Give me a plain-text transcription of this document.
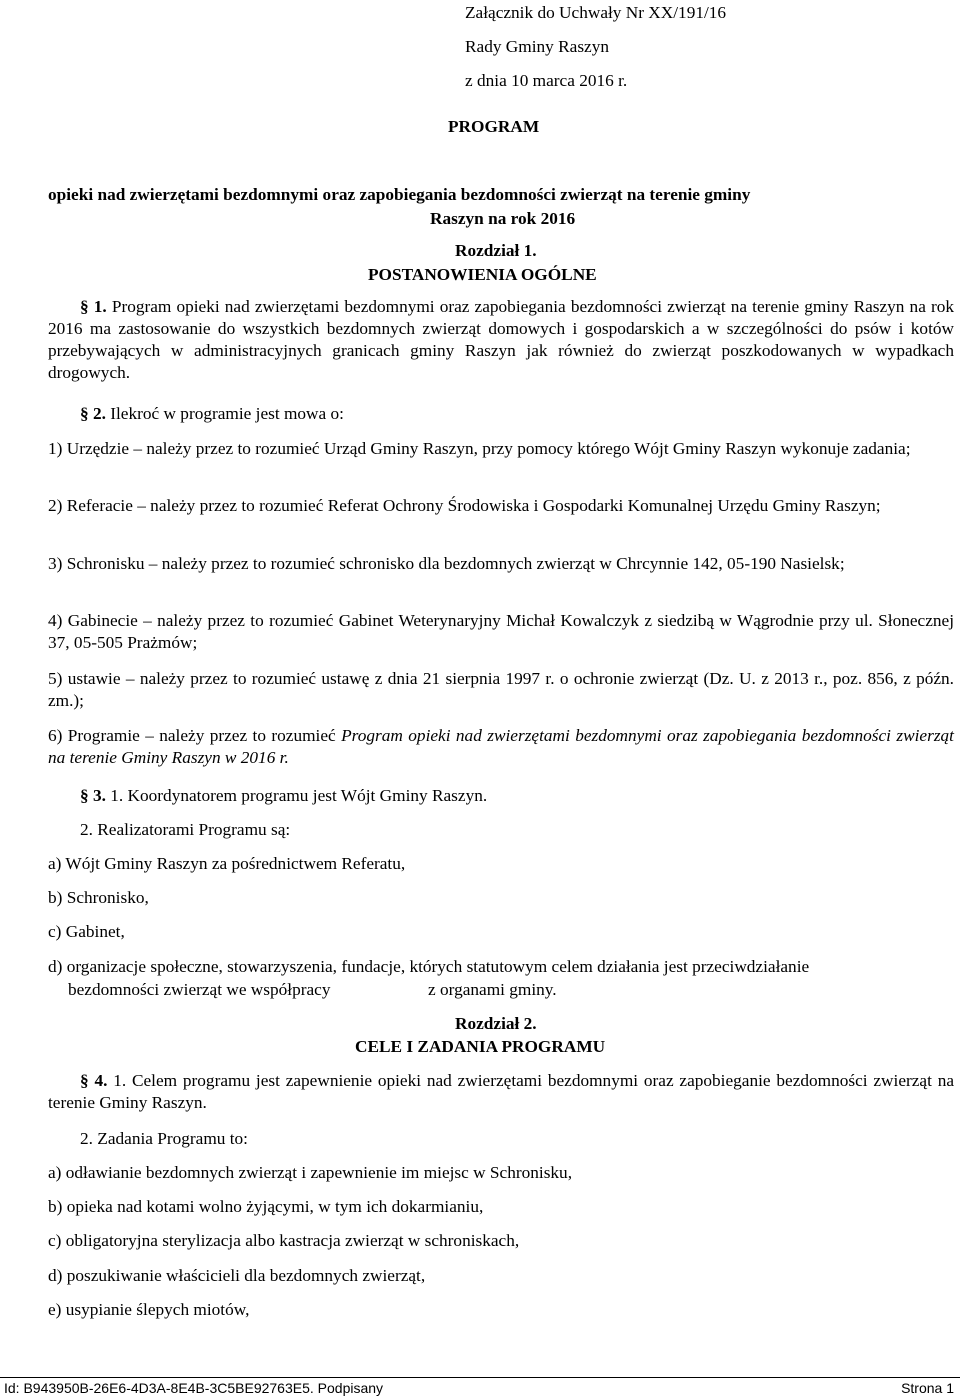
Załącznik do Uchwały Nr XX/191/16
Rady Gminy Raszyn
z dnia 10 marca 2016 r.
PROGRAM
opieki nad zwierzętami bezdomnymi oraz zapobiegania bezdomności zwierząt na terenie gminy
Raszyn na rok 2016
Rozdział 1.
POSTANOWIENIA OGÓLNE
§ 1. Program opieki nad zwierzętami bezdomnymi oraz zapobiegania bezdomności zwierząt na terenie gminy Raszyn na rok 2016 ma zastosowanie do wszystkich bezdomnych zwierząt domowych i gospodarskich a w szczególności do psów i kotów przebywających w administracyjnych granicach gminy Raszyn jak również do zwierząt poszkodowanych w wypadkach drogowych.
§ 2. Ilekroć w programie jest mowa o:
1) Urzędzie – należy przez to rozumieć Urząd Gminy Raszyn, przy pomocy którego Wójt Gminy Raszyn wykonuje zadania;
2) Referacie – należy przez to rozumieć Referat Ochrony Środowiska i Gospodarki Komunalnej Urzędu Gminy Raszyn;
3) Schronisku – należy przez to rozumieć schronisko dla bezdomnych zwierząt w Chrcynnie 142, 05-190 Nasielsk;
4) Gabinecie – należy przez to rozumieć Gabinet Weterynaryjny Michał Kowalczyk z siedzibą w Wągrodnie przy ul. Słonecznej 37, 05-505 Prażmów;
5) ustawie – należy przez to rozumieć ustawę z dnia 21 sierpnia 1997 r. o ochronie zwierząt (Dz. U. z 2013 r., poz. 856, z późn. zm.);
6) Programie – należy przez to rozumieć Program opieki nad zwierzętami bezdomnymi oraz zapobiegania bezdomności zwierząt na terenie Gminy Raszyn w 2016 r.
§ 3. 1. Koordynatorem programu jest Wójt Gminy Raszyn.
2. Realizatorami Programu są:
a) Wójt Gminy Raszyn za pośrednictwem Referatu,
b) Schronisko,
c) Gabinet,
d) organizacje społeczne, stowarzyszenia, fundacje, których statutowym celem działania jest przeciwdziałanie
bezdomności zwierząt we współpracy	z organami gminy.
Rozdział 2.
CELE I ZADANIA PROGRAMU
§ 4. 1. Celem programu jest zapewnienie opieki nad zwierzętami bezdomnymi oraz zapobieganie bezdomności zwierząt na terenie Gminy Raszyn.
2. Zadania Programu to:
a) odławianie bezdomnych zwierząt i zapewnienie im miejsc w Schronisku,
b) opieka nad kotami wolno żyjącymi, w tym ich dokarmianiu,
c) obligatoryjna sterylizacja albo kastracja zwierząt w schroniskach,
d) poszukiwanie właścicieli dla bezdomnych zwierząt,
e) usypianie ślepych miotów,
Id: B943950B-26E6-4D3A-8E4B-3C5BE92763E5. Podpisany	Strona 1
